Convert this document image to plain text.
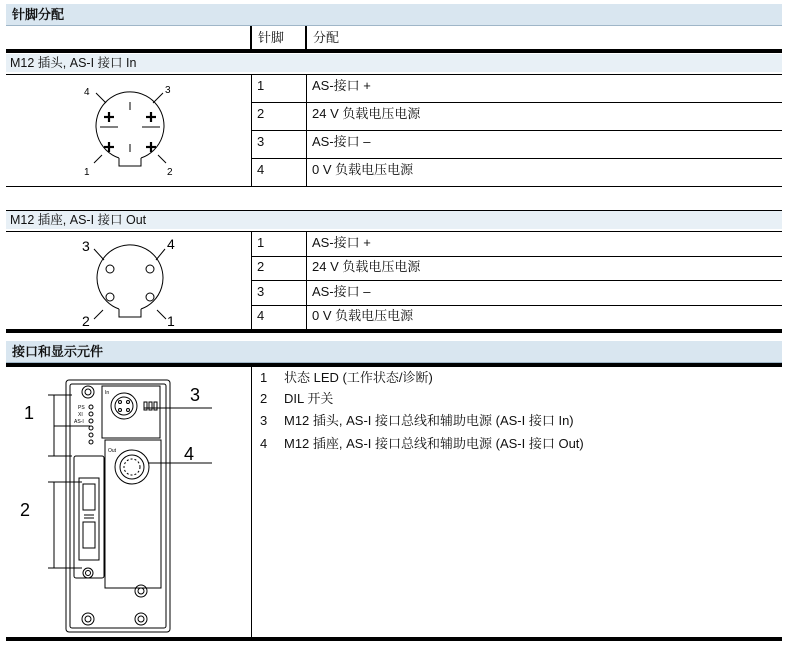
针脚分配
针脚 分配
M12 插头, AS-I 接口 In
1	AS-接口 +
2	24 V 负载电压电源
3	AS-接口 –
4	0 V 负载电压电源
4	3
1	2
M12 插座, AS-I 接口 Out
1	AS-接口 +
2	24 V 负载电压电源
3	AS-接口 –
4	0 V 负载电压电源
3	4
2	1
接口和显示元件
In
Out
PS
XI
AS-I
1
2
3
4
1 状态 LED (工作状态/诊断)
2 DIL 开关
3 M12 插头, AS-I 接口总线和辅助电源 (AS-I 接口 In)
4 M12 插座, AS-I 接口总线和辅助电源 (AS-I 接口 Out)
